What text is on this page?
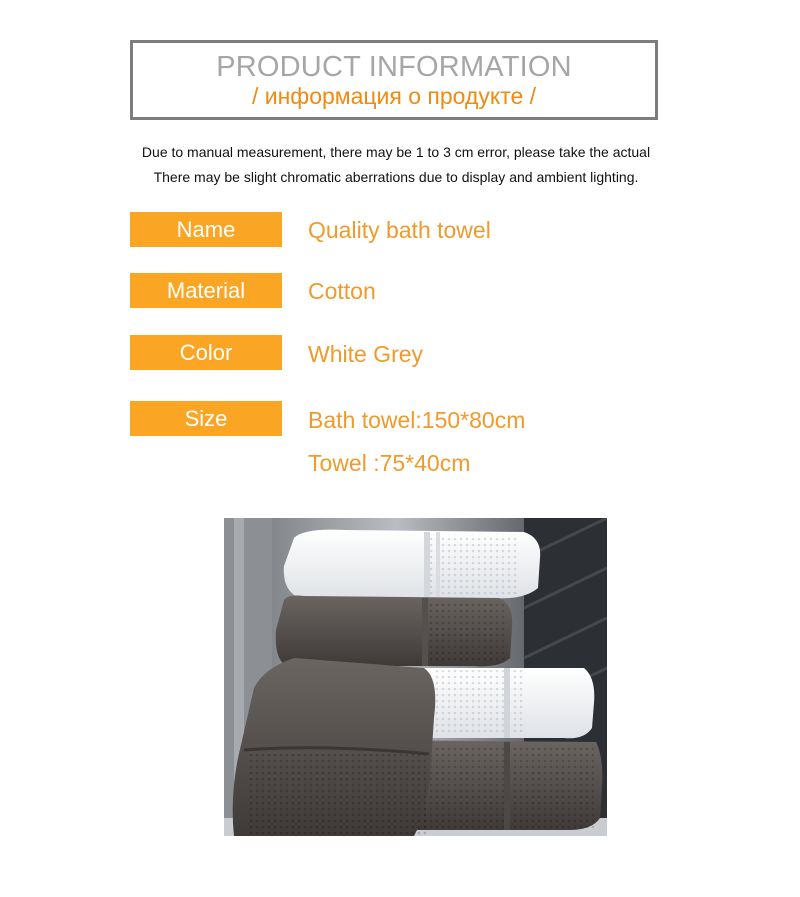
PRODUCT INFORMATION
/ информация о продукте /
Due to manual measurement, there may be 1 to 3 cm error, please take the actual
There may be slight chromatic aberrations due to display and ambient lighting.
Name	Quality bath towel
Material	Cotton
Color	White Grey
Size	Bath towel:150*80cm
Towel :75*40cm
